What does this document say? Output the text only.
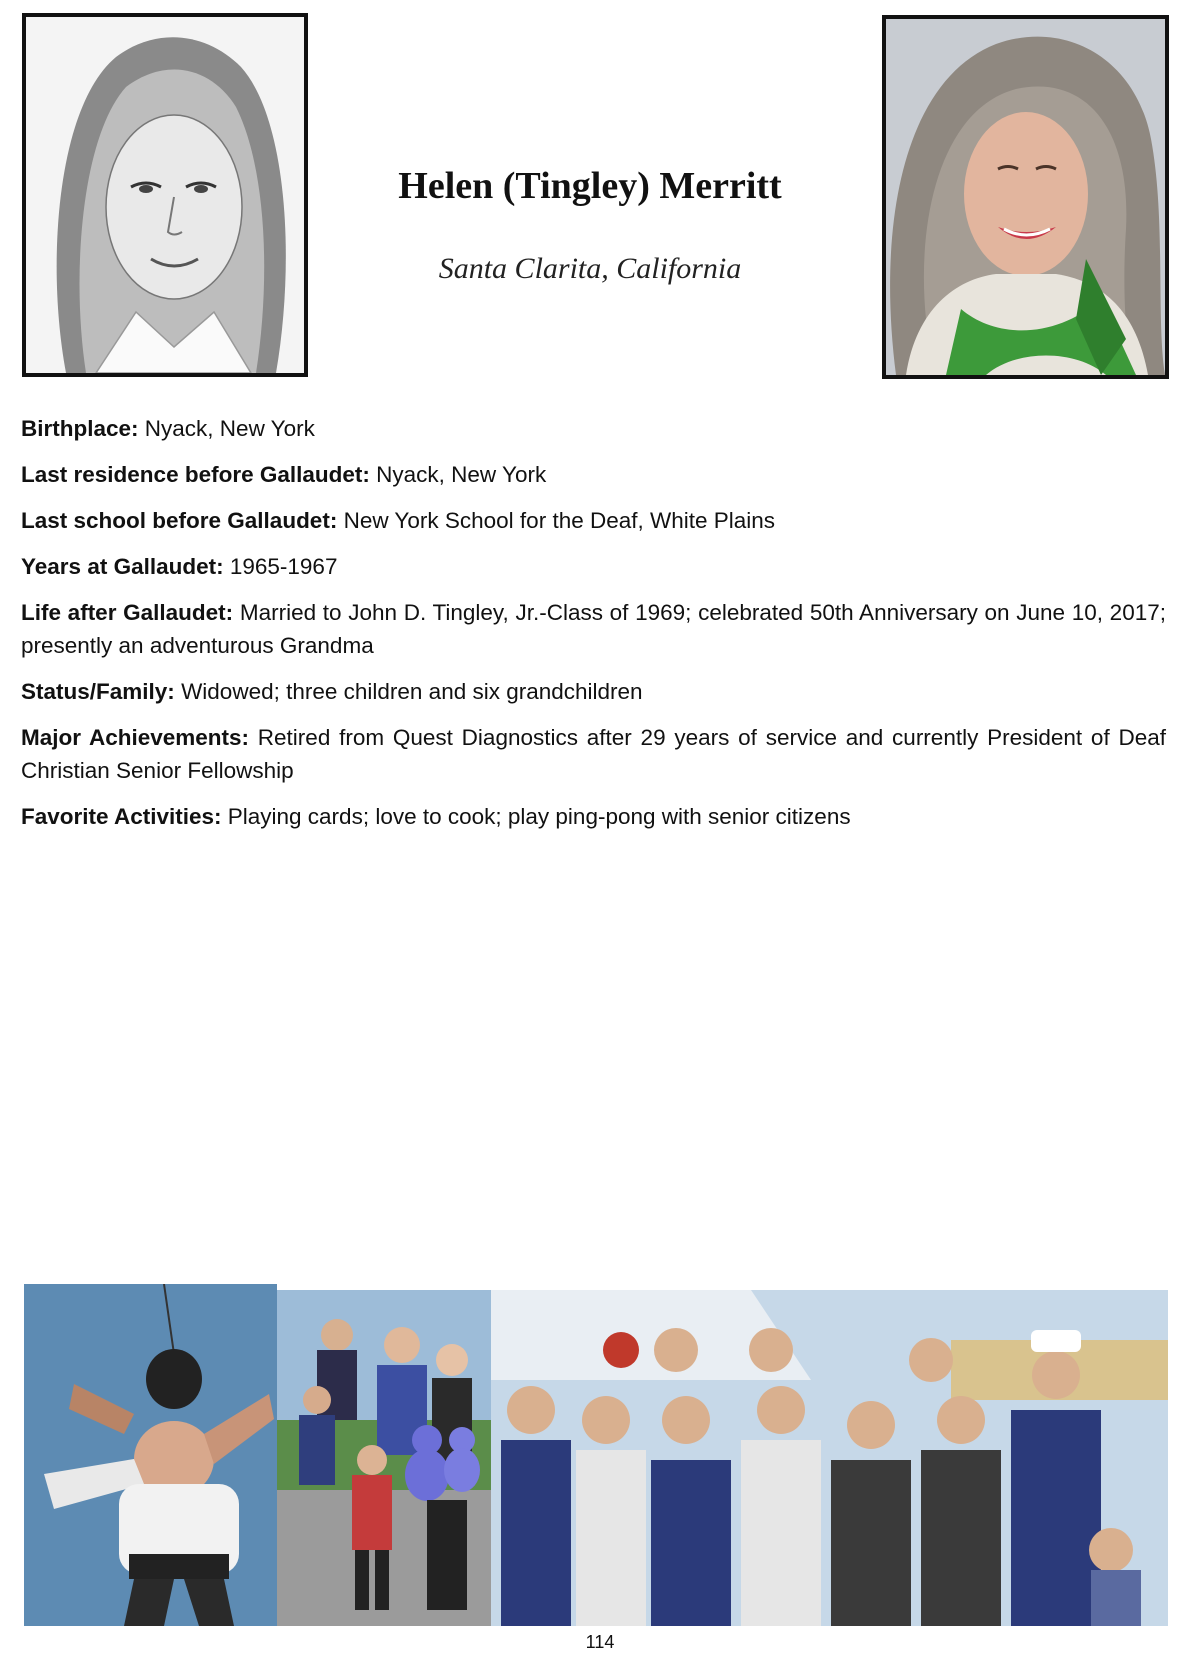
Helen (Tingley) Merritt
Santa Clarita, California

Birthplace: Nyack, New York

Last residence before Gallaudet: Nyack, New York

Last school before Gallaudet: New York School for the Deaf, White Plains

Years at Gallaudet: 1965-1967

Life after Gallaudet: Married to John D. Tingley, Jr.-Class of 1969; celebrated 50th Anniversary on June 10, 2017; presently an adventurous Grandma

Status/Family: Widowed; three children and six grandchildren

Major Achievements: Retired from Quest Diagnostics after 29 years of service and currently President of Deaf Christian Senior Fellowship

Favorite Activities: Playing cards; love to cook; play ping-pong with senior citizens

114
